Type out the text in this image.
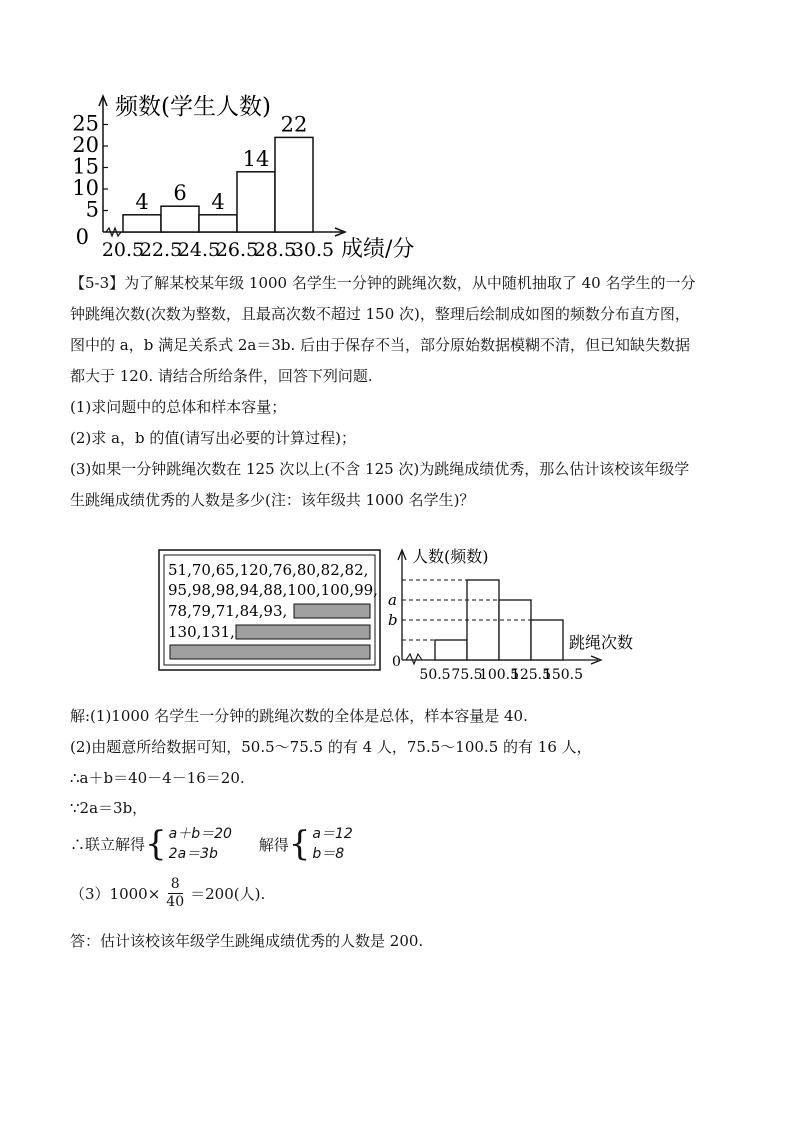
0
5
10
15
20
25
4 6 4
14
22
20.5
22.5
24.5
26.5
28.5
30.5
频数(学生人数)
成绩/分
【5-3】为了解某校某年级 1000 名学生一分钟的跳绳次数，从中随机抽取了 40 名学生的一分
钟跳绳次数(次数为整数，且最高次数不超过 150 次)，整理后绘制成如图的频数分布直方图，
图中的 a，b 满足关系式 2a＝3b. 后由于保存不当，部分原始数据模糊不清，但已知缺失数据
都大于 120. 请结合所给条件，回答下列问题.
(1)求问题中的总体和样本容量；
(2)求 a，b 的值(请写出必要的计算过程)；
(3)如果一分钟跳绳次数在 125 次以上(不含 125 次)为跳绳成绩优秀，那么估计该校该年级学
生跳绳成绩优秀的人数是多少(注：该年级共 1000 名学生)？
51,70,65,120,76,80,82,82,
95,98,98,94,88,100,100,99,
78,79,71,84,93,
130,131,
0
a
b
50.5 75.5
100.5
125.5
150.5
人数(频数)
跳绳次数
解:(1)1000 名学生一分钟的跳绳次数的全体是总体，样本容量是 40.
(2)由题意所给数据可知，50.5～75.5 的有 4 人，75.5～100.5 的有 16 人，
∴a＋b＝40－4－16＝20.
∵2a＝3b，
∴联立解得{ a＋b＝20
2a＝3b
解得{ a＝12
b＝8
$(3)1000\times \frac{8}{40} =200$(人).
答：估计该校该年级学生跳绳成绩优秀的人数是 200.
